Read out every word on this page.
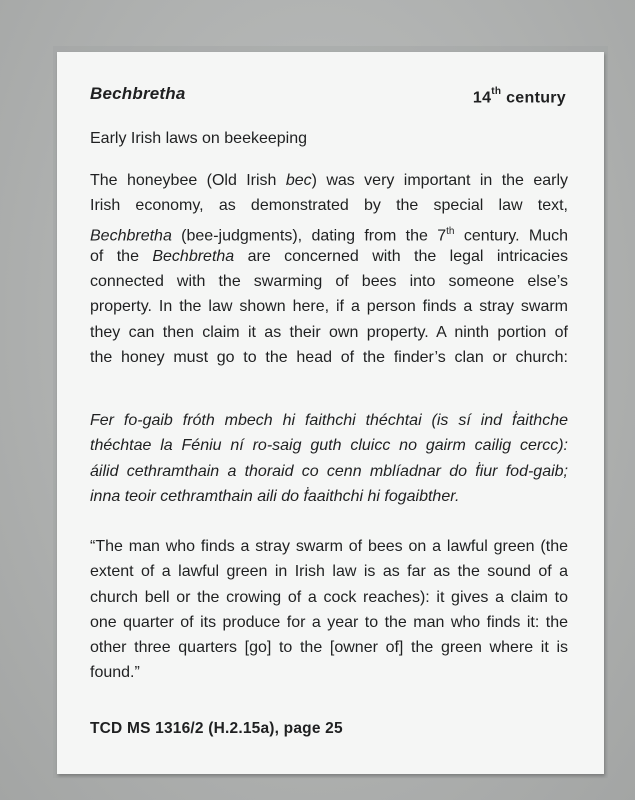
Bechbretha	14th century
Early Irish laws on beekeeping
The honeybee (Old Irish bec) was very important in the early
Irish economy, as demonstrated by the special law text,
Bechbretha (bee-judgments), dating from the 7th century. Much
of the Bechbretha are concerned with the legal intricacies
connected with the swarming of bees into someone else’s
property. In the law shown here, if a person finds a stray swarm
they can then claim it as their own property. A ninth portion of
the honey must go to the head of the finder’s clan or church:
Fer fo-gaib fróth mbech hi faithchi théchtai (is sí ind ḟaithche
théchtae la Féniu ní ro-saig guth cluicc no gairm cailig cercc):
áilid cethramthain a thoraid co cenn mblíadnar do ḟiur fod-gaib;
inna teoir cethramthain aili do ḟaaithchi hi fogaibther.
“The man who finds a stray swarm of bees on a lawful green (the
extent of a lawful green in Irish law is as far as the sound of a
church bell or the crowing of a cock reaches): it gives a claim to
one quarter of its produce for a year to the man who finds it: the
other three quarters [go] to the [owner of] the green where it is
found.”
TCD MS 1316/2 (H.2.15a), page 25
